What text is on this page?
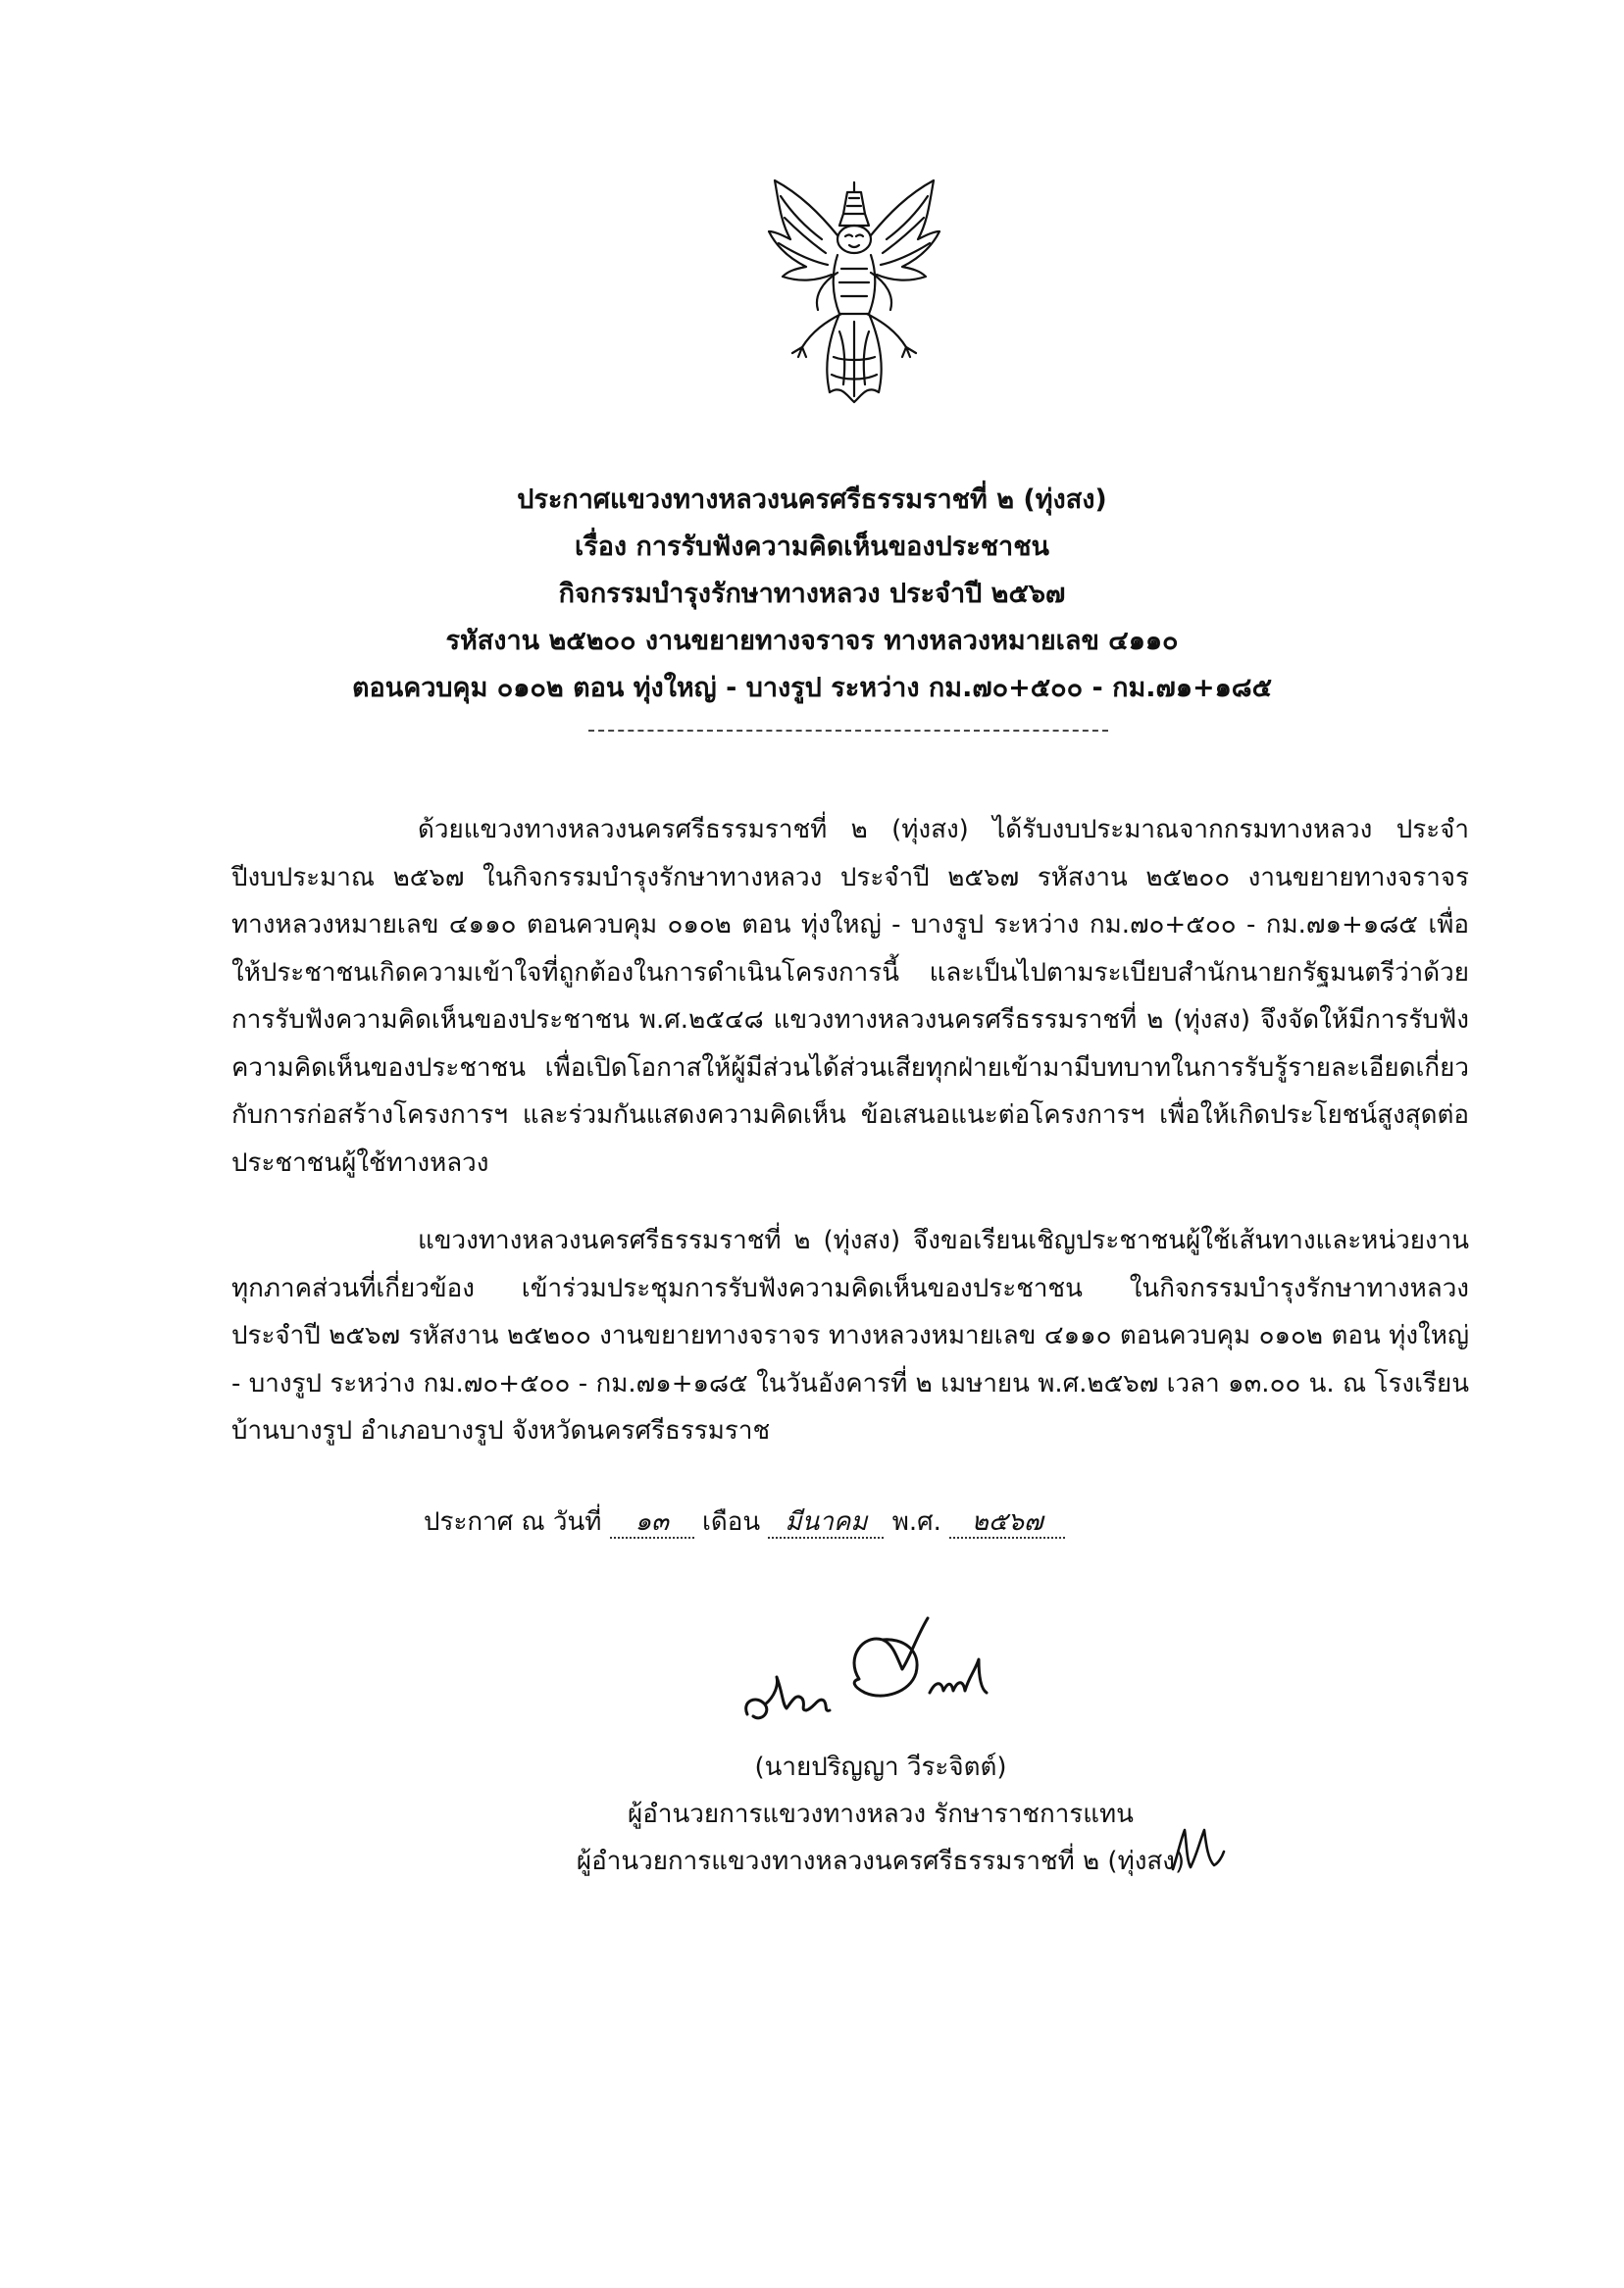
ประกาศแขวงทางหลวงนครศรีธรรมราชที่ ๒ (ทุ่งสง)
เรื่อง การรับฟังความคิดเห็นของประชาชน
กิจกรรมบำรุงรักษาทางหลวง ประจำปี ๒๕๖๗
รหัสงาน ๒๕๒๐๐ งานขยายทางจราจร ทางหลวงหมายเลข ๔๑๑๐
ตอนควบคุม ๐๑๐๒ ตอน ทุ่งใหญ่ - บางรูป ระหว่าง กม.๗๐+๕๐๐ - กม.๗๑+๑๘๕

ด้วยแขวงทางหลวงนครศรีธรรมราชที่ ๒ (ทุ่งสง) ได้รับงบประมาณจากกรมทางหลวง ประจำปีงบประมาณ ๒๕๖๗ ในกิจกรรมบำรุงรักษาทางหลวง ประจำปี ๒๕๖๗ รหัสงาน ๒๕๒๐๐ งานขยายทางจราจร ทางหลวงหมายเลข ๔๑๑๐ ตอนควบคุม ๐๑๐๒ ตอน ทุ่งใหญ่ - บางรูป ระหว่าง กม.๗๐+๕๐๐ - กม.๗๑+๑๘๕ เพื่อให้ประชาชนเกิดความเข้าใจที่ถูกต้องในการดำเนินโครงการนี้ และเป็นไปตามระเบียบสำนักนายกรัฐมนตรีว่าด้วยการรับฟังความคิดเห็นของประชาชน พ.ศ.๒๕๔๘ แขวงทางหลวงนครศรีธรรมราชที่ ๒ (ทุ่งสง) จึงจัดให้มีการรับฟังความคิดเห็นของประชาชน เพื่อเปิดโอกาสให้ผู้มีส่วนได้ส่วนเสียทุกฝ่ายเข้ามามีบทบาทในการรับรู้รายละเอียดเกี่ยวกับการก่อสร้างโครงการฯ และร่วมกันแสดงความคิดเห็น ข้อเสนอแนะต่อโครงการฯ เพื่อให้เกิดประโยชน์สูงสุดต่อประชาชนผู้ใช้ทางหลวง

แขวงทางหลวงนครศรีธรรมราชที่ ๒ (ทุ่งสง) จึงขอเรียนเชิญประชาชนผู้ใช้เส้นทางและหน่วยงานทุกภาคส่วนที่เกี่ยวข้อง เข้าร่วมประชุมการรับฟังความคิดเห็นของประชาชน ในกิจกรรมบำรุงรักษาทางหลวง ประจำปี ๒๕๖๗ รหัสงาน ๒๕๒๐๐ งานขยายทางจราจร ทางหลวงหมายเลข ๔๑๑๐ ตอนควบคุม ๐๑๐๒ ตอน ทุ่งใหญ่ - บางรูป ระหว่าง กม.๗๐+๕๐๐ - กม.๗๑+๑๘๕ ในวันอังคารที่ ๒ เมษายน พ.ศ.๒๕๖๗ เวลา ๑๓.๐๐ น. ณ โรงเรียนบ้านบางรูป อำเภอบางรูป จังหวัดนครศรีธรรมราช

ประกาศ ณ วันที่ ๑๓ เดือน มีนาคม พ.ศ. ๒๕๖๗
(นายปริญญา วีระจิตต์)
ผู้อำนวยการแขวงทางหลวง รักษาราชการแทน
ผู้อำนวยการแขวงทางหลวงนครศรีธรรมราชที่ ๒ (ทุ่งสง)
